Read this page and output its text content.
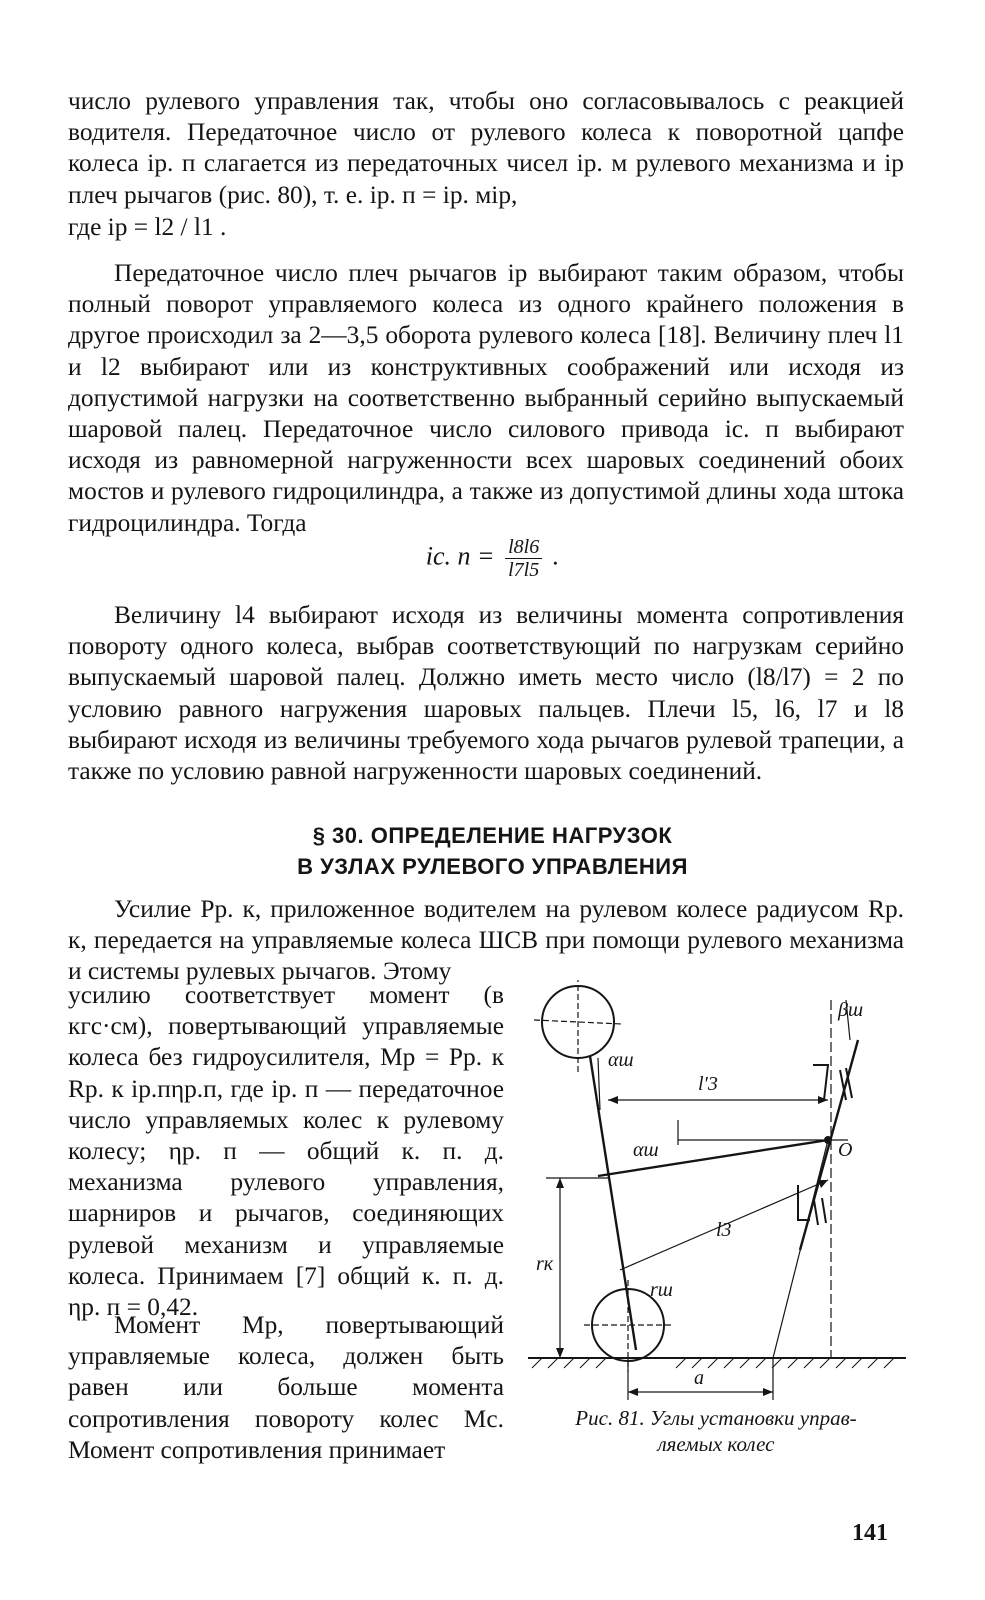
число рулевого управления так, чтобы оно согласовывалось с реакцией водителя. Передаточное число от рулевого колеса к поворотной цапфе колеса iр. п слагается из передаточных чисел iр. м рулевого механизма и iр плеч рычагов (рис. 80), т. е. iр. п = iр. мiр,

где iр = l2 / l1 .

Передаточное число плеч рычагов iр выбирают таким образом, чтобы полный поворот управляемого колеса из одного крайнего положения в другое происходил за 2—3,5 оборота рулевого колеса [18]. Величину плеч l1 и l2 выбирают или из конструктивных соображений или исходя из допустимой нагрузки на соответственно выбранный серийно выпускаемый шаровой палец. Передаточное число силового привода iс. п выбирают исходя из равномерной нагруженности всех шаровых соединений обоих мостов и рулевого гидроцилиндра, а также из допустимой длины хода штока гидроцилиндра. Тогда

iс. $п = \frac{l8l6}{l7l5}$ .

Величину l4 выбирают исходя из величины момента сопротивления повороту одного колеса, выбрав соответствующий по нагрузкам серийно выпускаемый шаровой палец. Должно иметь место число (l8/l7) = 2 по условию равного нагружения шаровых пальцев. Плечи l5, l6, l7 и l8 выбирают исходя из величины требуемого хода рычагов рулевой трапеции, а также по условию равной нагруженности шаровых соединений.

§ 30. ОПРЕДЕЛЕНИЕ НАГРУЗОК
В УЗЛАХ РУЛЕВОГО УПРАВЛЕНИЯ

Усилие Pр. к, приложенное водителем на рулевом колесе радиусом Rр. к, передается на управляемые колеса ШСВ при помощи рулевого механизма и системы рулевых рычагов. Этому

усилию соответствует момент (в кгс·см), повертывающий управляемые колеса без гидроусилителя, Mр = Pр. к Rр. к iр.пηр.п, где iр. п — передаточное число управляемых колес к рулевому колесу; ηр. п — общий к. п. д. механизма рулевого управления, шарниров и рычагов, соединяющих рулевой механизм и управляемые колеса. Принимаем [7] общий к. п. д. ηр. п = 0,42.

Момент Mр, повертывающий управляемые колеса, должен быть равен или больше момента сопротивления повороту колес Mс. Момент сопротивления принимает

βш
αш
l′3
αш	O
l3
rк
rш
a
Рис. 81. Углы установки управ-
ляемых колес
141
